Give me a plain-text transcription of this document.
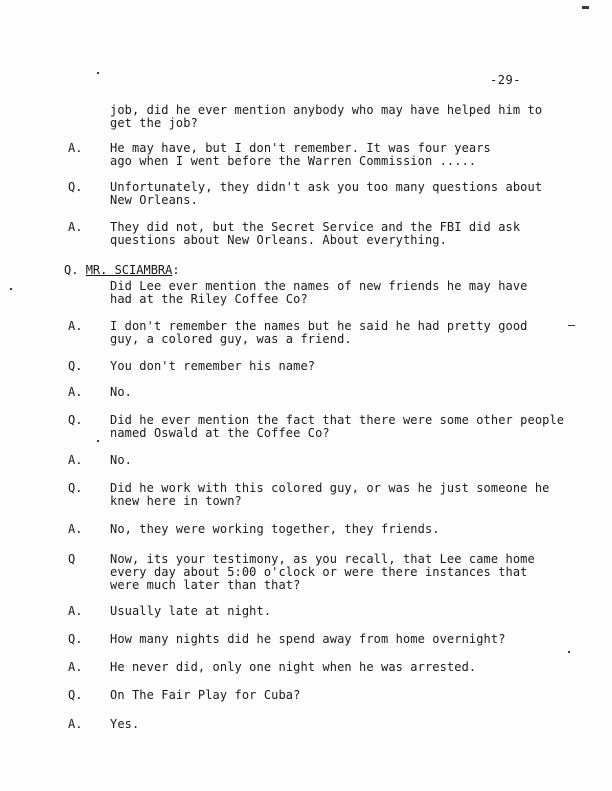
-29-
job, did he ever mention anybody who may have helped him to
get the job?
A. He may have, but I don't remember. It was four years
ago when I went before the Warren Commission .....
Q. Unfortunately, they didn't ask you too many questions about
New Orleans.
A. They did not, but the Secret Service and the FBI did ask
questions about New Orleans. About everything.
Q. MR. SCIAMBRA:
Did Lee ever mention the names of new friends he may have
had at the Riley Coffee Co?
A. I don't remember the names but he said he had pretty good
guy, a colored guy, was a friend.
Q. You don't remember his name?
A. No.
Q. Did he ever mention the fact that there were some other people
named Oswald at the Coffee Co?
A. No.
Q. Did he work with this colored guy, or was he just someone he
knew here in town?
A. No, they were working together, they friends.
Q	Now, its your testimony, as you recall, that Lee came home
every day about 5:00 o'clock or were there instances that
were much later than that?
A. Usually late at night.
Q. How many nights did he spend away from home overnight?
A. He never did, only one night when he was arrested.
Q. On The Fair Play for Cuba?
A. Yes.
